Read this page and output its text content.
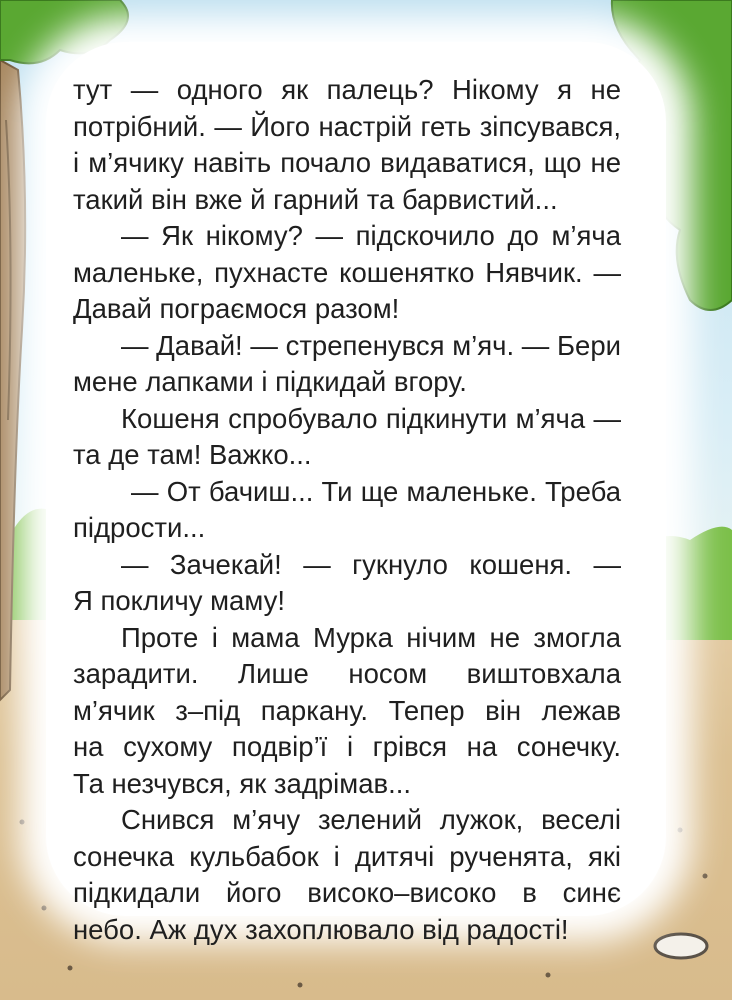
тут — одного як палець? Нікому я не
потрібний. — Його настрій геть зіпсувався,
і м’ячику навіть почало видаватися, що не
такий він вже й гарний та барвистий...
— Як нікому? — підскочило до м’яча
маленьке, пухнасте кошенятко Нявчик. —
Давай пограємося разом!
— Давай! — стрепенувся м’яч. — Бери
мене лапками і підкидай вгору.
Кошеня спробувало підкинути м’яча —
та де там! Важко...
— От бачиш... Ти ще маленьке. Треба
підрости...
— Зачекай! — гукнуло кошеня. —
Я покличу маму!
Проте і мама Мурка нічим не змогла
зарадити. Лише носом виштовхала
м’ячик з–під паркану. Тепер він лежав
на сухому подвір’ї і грівся на сонечку.
Та незчувся, як задрімав...
Снився м’ячу зелений лужок, веселі
сонечка кульбабок і дитячі рученята, які
підкидали його високо–високо в синє
небо. Аж дух захоплювало від радості!
